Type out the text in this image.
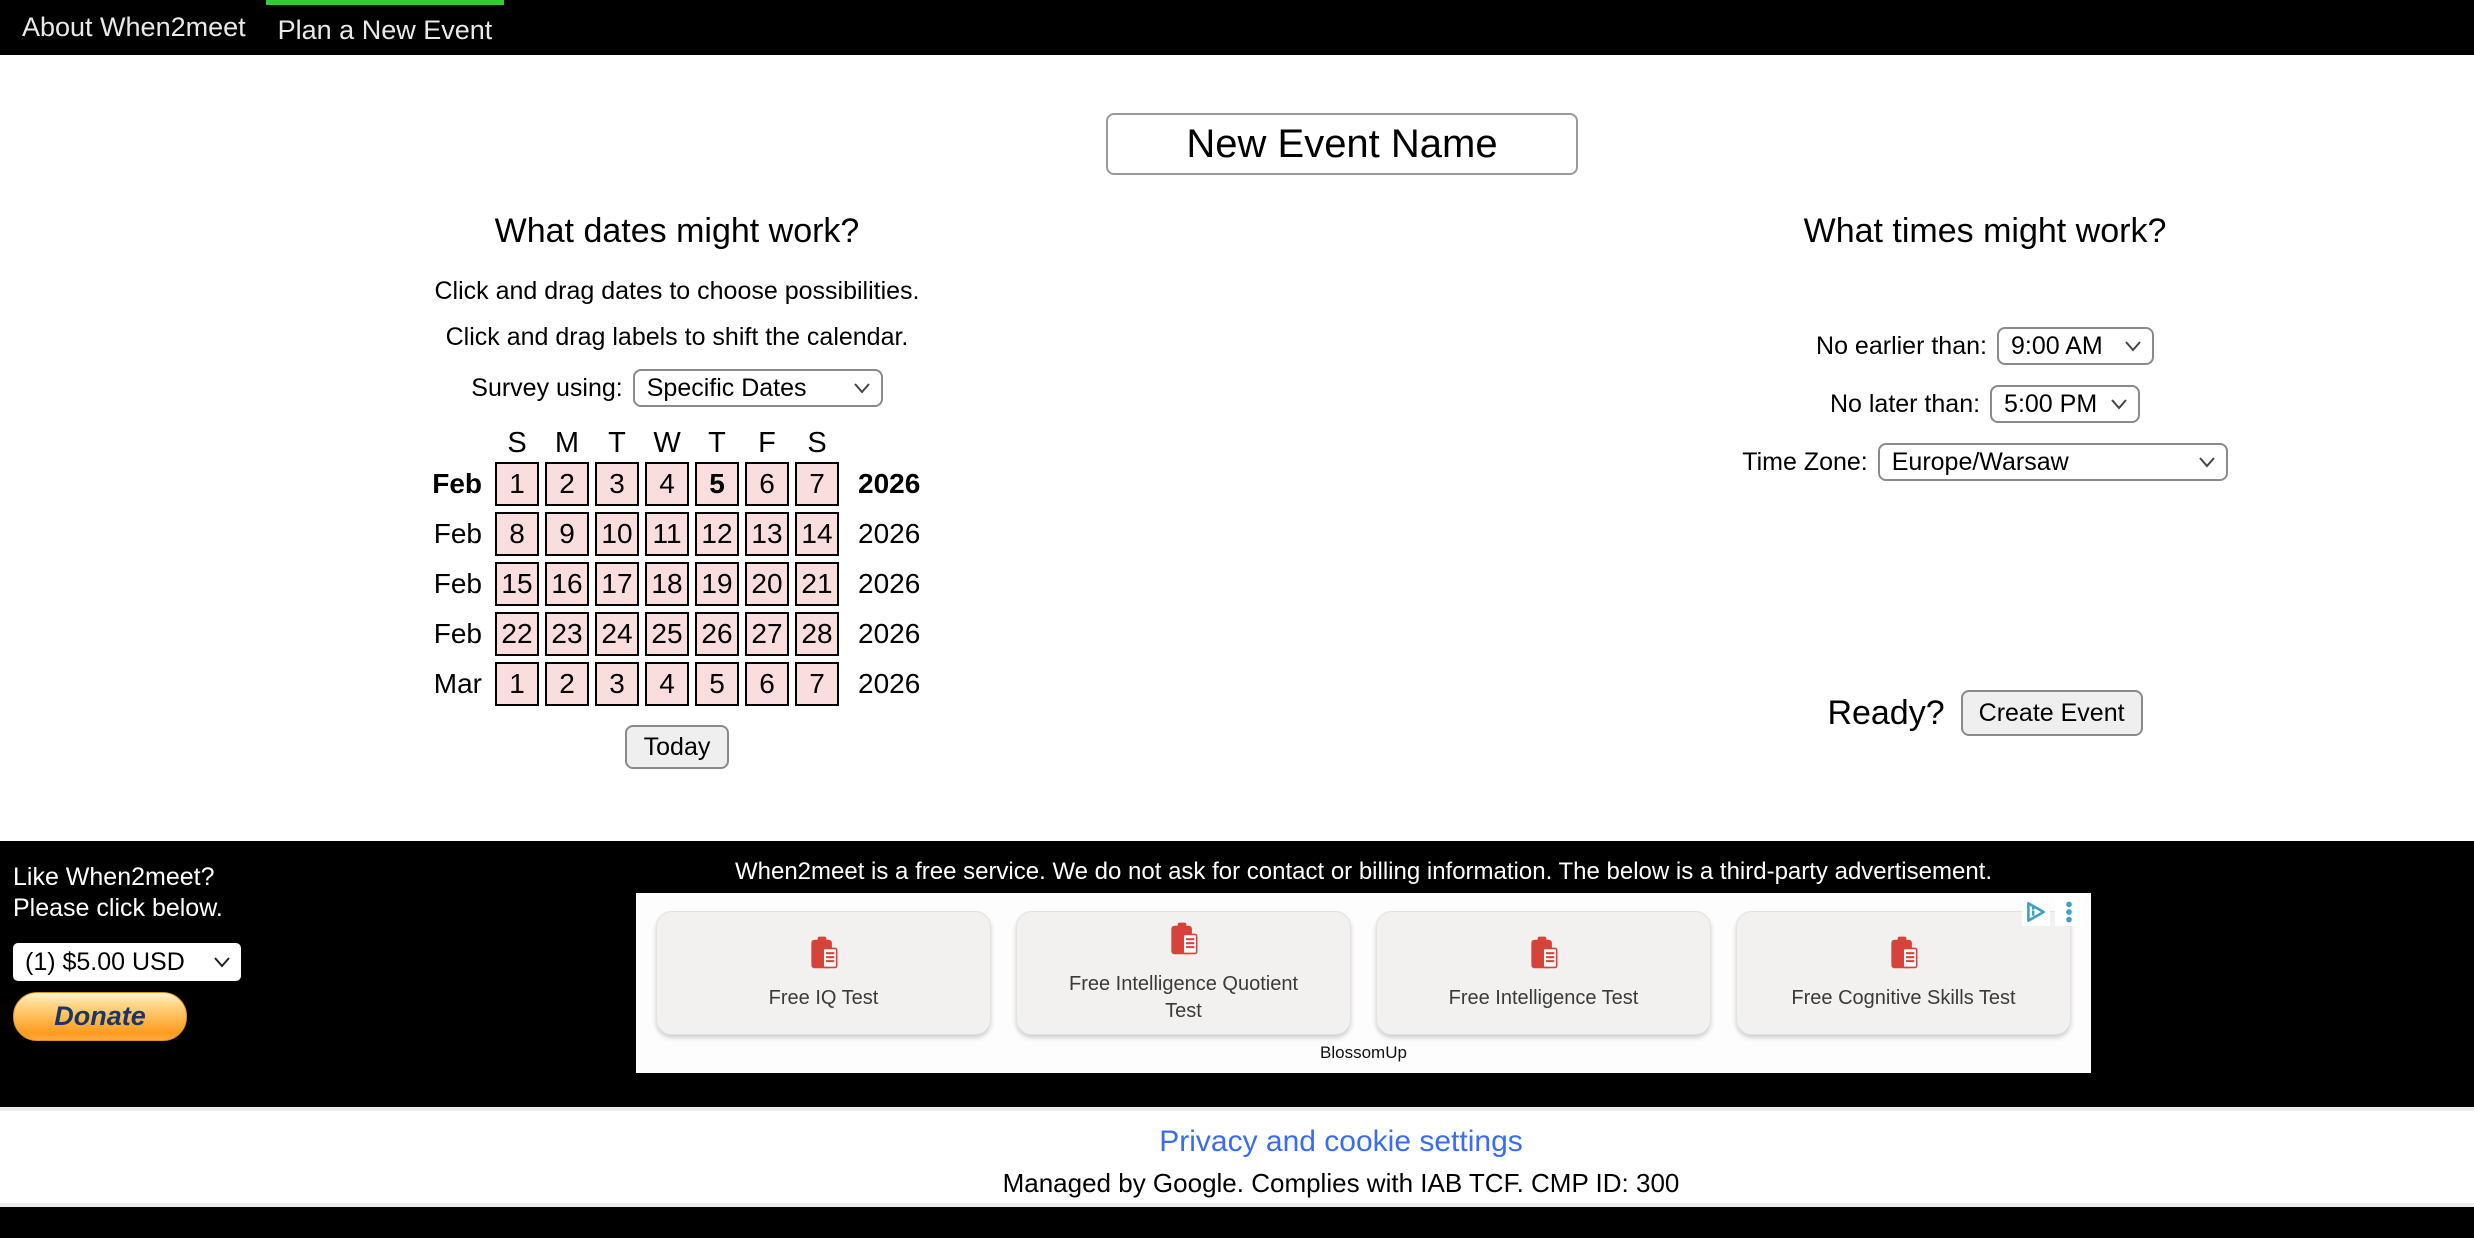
About When2meet	Plan a New Event
New Event Name
What dates might work?
Click and drag dates to choose possibilities.
Click and drag labels to shift the calendar.
Survey using: Specific Dates
S M	T W T	F	S
Feb 1	2	3	4	5	6	7	2026
Feb 8	9 10 11 12 13 14 2026
Feb 15 16 17 18 19 20 21 2026
Feb 22 23 24 25 26 27 28 2026
Mar 1	2	3	4	5	6	7	2026
Today
What times might work?
No earlier than: 9:00 AM
No later than: 5:00 PM
Time Zone: Europe/Warsaw
Ready?	Create Event
Like When2meet?
Please click below.
(1) $5.00 USD
Donate
When2meet is a free service. We do not ask for contact or billing information. The below is a third-party advertisement.
Free IQ Test
Free Intelligence Quotient Test
Free Intelligence Test	Free Cognitive Skills Test
BlossomUp
Privacy and cookie settings
Managed by Google. Complies with IAB TCF. CMP ID: 300
